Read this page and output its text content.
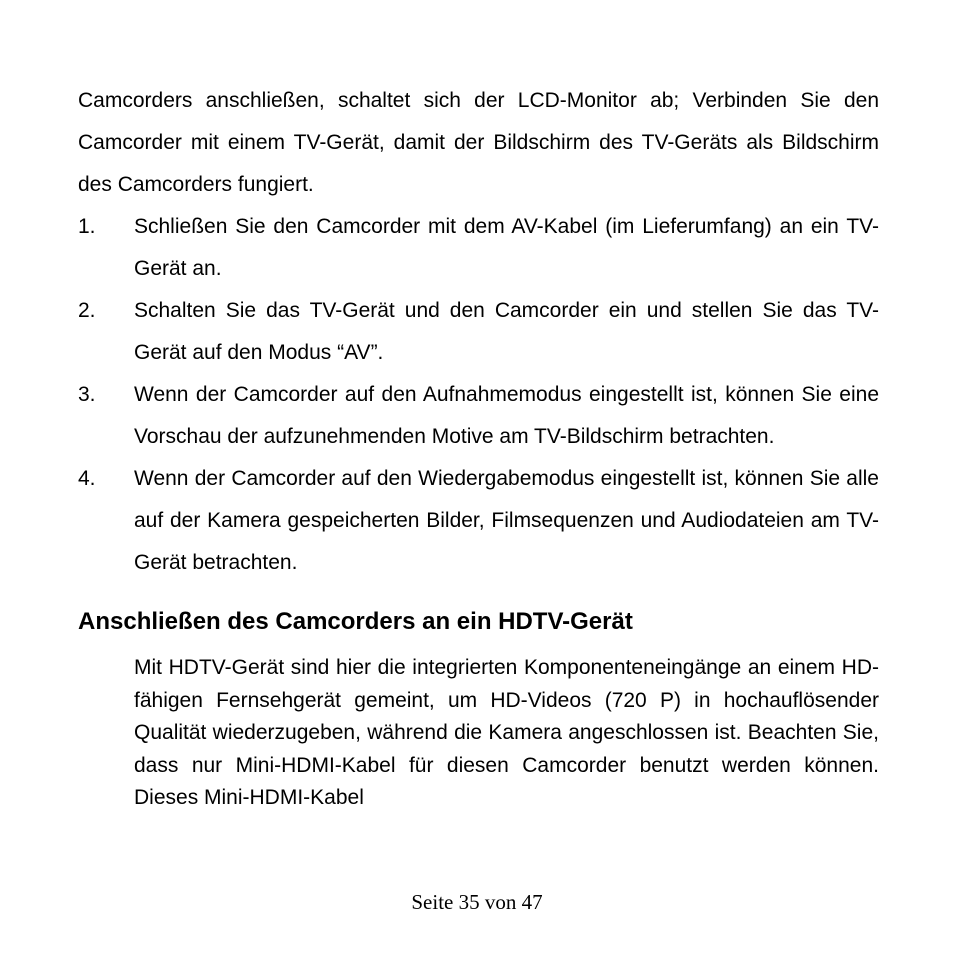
Camcorders anschließen, schaltet sich der LCD-Monitor ab; Verbinden Sie den Camcorder mit einem TV-Gerät, damit der Bildschirm des TV-Geräts als Bildschirm des Camcorders fungiert.

1.	Schließen Sie den Camcorder mit dem AV-Kabel (im Lieferumfang) an ein TV-Gerät an.
2.	Schalten Sie das TV-Gerät und den Camcorder ein und stellen Sie das TV-Gerät auf den Modus “AV”.
3.	Wenn der Camcorder auf den Aufnahmemodus eingestellt ist, können Sie eine Vorschau der aufzunehmenden Motive am TV-Bildschirm betrachten.
4.	Wenn der Camcorder auf den Wiedergabemodus eingestellt ist, können Sie alle auf der Kamera gespeicherten Bilder, Filmsequenzen und Audiodateien am TV-Gerät betrachten.
Anschließen des Camcorders an ein HDTV-Gerät

Mit HDTV-Gerät sind hier die integrierten Komponenteneingänge an einem HD-fähigen Fernsehgerät gemeint, um HD-Videos (720 P) in hochauflösender Qualität wiederzugeben, während die Kamera angeschlossen ist. Beachten Sie, dass nur Mini-HDMI-Kabel für diesen Camcorder benutzt werden können. Dieses Mini-HDMI-Kabel

Seite 35 von 47
